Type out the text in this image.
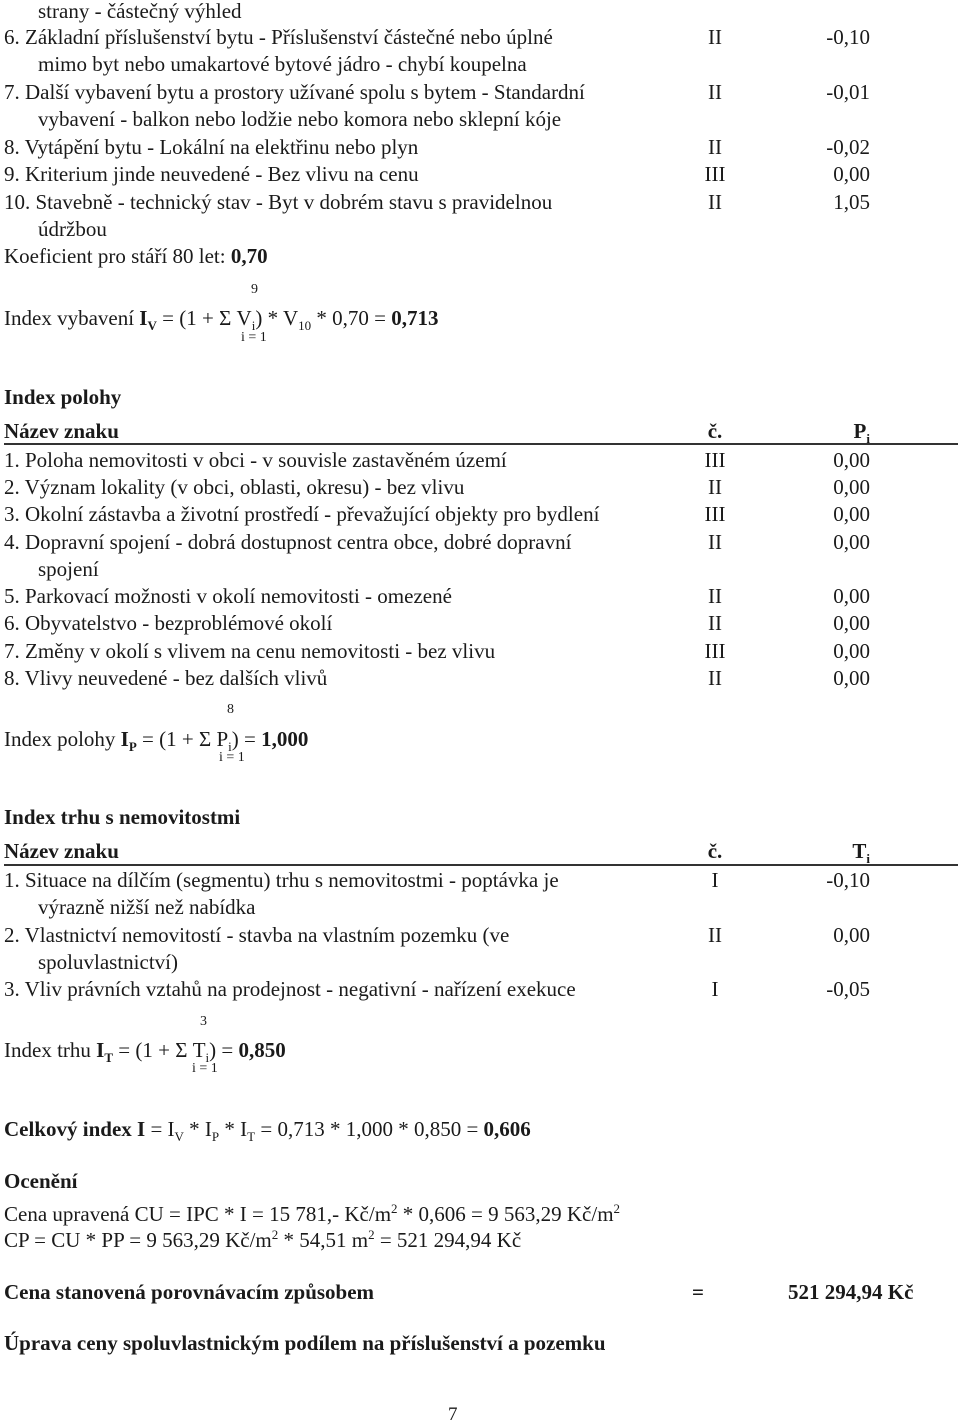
strany - částečný výhled
6. Základní příslušenství bytu - Příslušenství částečné nebo úplné
mimo byt nebo umakartové bytové jádro - chybí koupelna
II	-0,10
7. Další vybavení bytu a prostory užívané spolu s bytem - Standardní
vybavení - balkon nebo lodžie nebo komora nebo sklepní kóje
II	-0,01
8. Vytápění bytu - Lokální na elektřinu nebo plyn	II	-0,02
9. Kriterium jinde neuvedené - Bez vlivu na cenu	III	0,00
10. Stavebně - technický stav - Byt v dobrém stavu s pravidelnou
údržbou
II	1,05
Koeficient pro stáří 80 let: 0,70
9
Index vybavení $I_V = (1 + \Sigma$ $V_i) * V_{10} * 0,70 = 0,713$
i = 1
Index polohy
Název znaku	č.	$P_i$
1. Poloha nemovitosti v obci - v souvisle zastavěném území	III	0,00
2. Význam lokality (v obci, oblasti, okresu) - bez vlivu	II	0,00
3. Okolní zástavba a životní prostředí - převažující objekty pro bydlení	III	0,00
4. Dopravní spojení - dobrá dostupnost centra obce, dobré dopravní
spojení
II	0,00
5. Parkovací možnosti v okolí nemovitosti - omezené	II	0,00
6. Obyvatelstvo - bezproblémové okolí	II	0,00
7. Změny v okolí s vlivem na cenu nemovitosti - bez vlivu	III	0,00
8. Vlivy neuvedené - bez dalších vlivů	II	0,00
8
Index polohy $I_P = (1 + \Sigma$ $P_i) = 1,000$
i = 1
Index trhu s nemovitostmi
Název znaku	č.	$T_i$
1. Situace na dílčím (segmentu) trhu s nemovitostmi - poptávka je
výrazně nižší než nabídka
I	-0,10
2. Vlastnictví nemovitostí - stavba na vlastním pozemku (ve
spoluvlastnictví)
II	0,00
3. Vliv právních vztahů na prodejnost - negativní - nařízení exekuce	I	-0,05
3
Index trhu $I_T = (1 + \Sigma$ $T_i) = 0,850$
i = 1
Celkový index $I = I_V * I_P * I_T = 0,713 * 1,000 * 0,850 = 0,606$
Ocenění
Cena upravená CU = IPC * I = 15 781,- $Kč/m^2 * 0,606 = 9$ 563,29 $Kč/m^2$
CP = CU * PP = 9 563,29 $Kč/m^2 * 54,51$ $m^2 = 521$ 294,94 Kč
Cena stanovená porovnávacím způsobem	=	521 294,94 Kč
Úprava ceny spoluvlastnickým podílem na příslušenství a pozemku
7
